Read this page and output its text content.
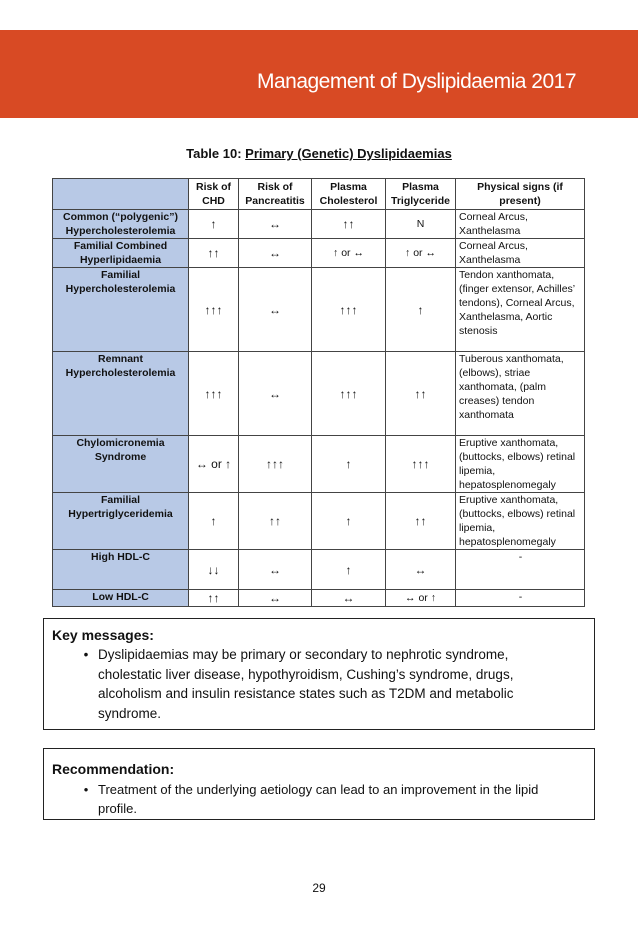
Management of Dyslipidaemia 2017
Table 10: Primary (Genetic) Dyslipidaemias
	Risk of CHD	Risk of Pancreatitis	Plasma Cholesterol	Plasma Triglyceride	Physical signs (if present)
Common (“polygenic”) Hypercholesterolemia	↑	↔	↑↑	N	Corneal Arcus, Xanthelasma
Familial Combined Hyperlipidaemia	↑↑	↔	↑ or ↔	↑ or ↔	Corneal Arcus, Xanthelasma
Familial Hypercholesterolemia	↑↑↑	↔	↑↑↑	↑	Tendon xanthomata, (finger extensor, Achilles’ tendons), Corneal Arcus, Xanthelasma, Aortic stenosis
Remnant Hypercholesterolemia	↑↑↑	↔	↑↑↑	↑↑	Tuberous xanthomata, (elbows), striae xanthomata, (palm creases) tendon xanthomata
Chylomicronemia Syndrome	↔ or ↑	↑↑↑	↑	↑↑↑	Eruptive xanthomata, (buttocks, elbows) retinal lipemia, hepatosplenomegaly
Familial Hypertriglyceridemia	↑	↑↑	↑	↑↑	Eruptive xanthomata, (buttocks, elbows) retinal lipemia, hepatosplenomegaly
High HDL-C	↓↓	↔	↑	↔	-
Low HDL-C	↑↑	↔	↔	↔ or ↑	-
Key messages:
• Dyslipidaemias may be primary or secondary to nephrotic syndrome, cholestatic liver disease, hypothyroidism, Cushing’s syndrome, drugs, alcoholism and insulin resistance states such as T2DM and metabolic syndrome.
Recommendation:
• Treatment of the underlying aetiology can lead to an improvement in the lipid profile.
29
